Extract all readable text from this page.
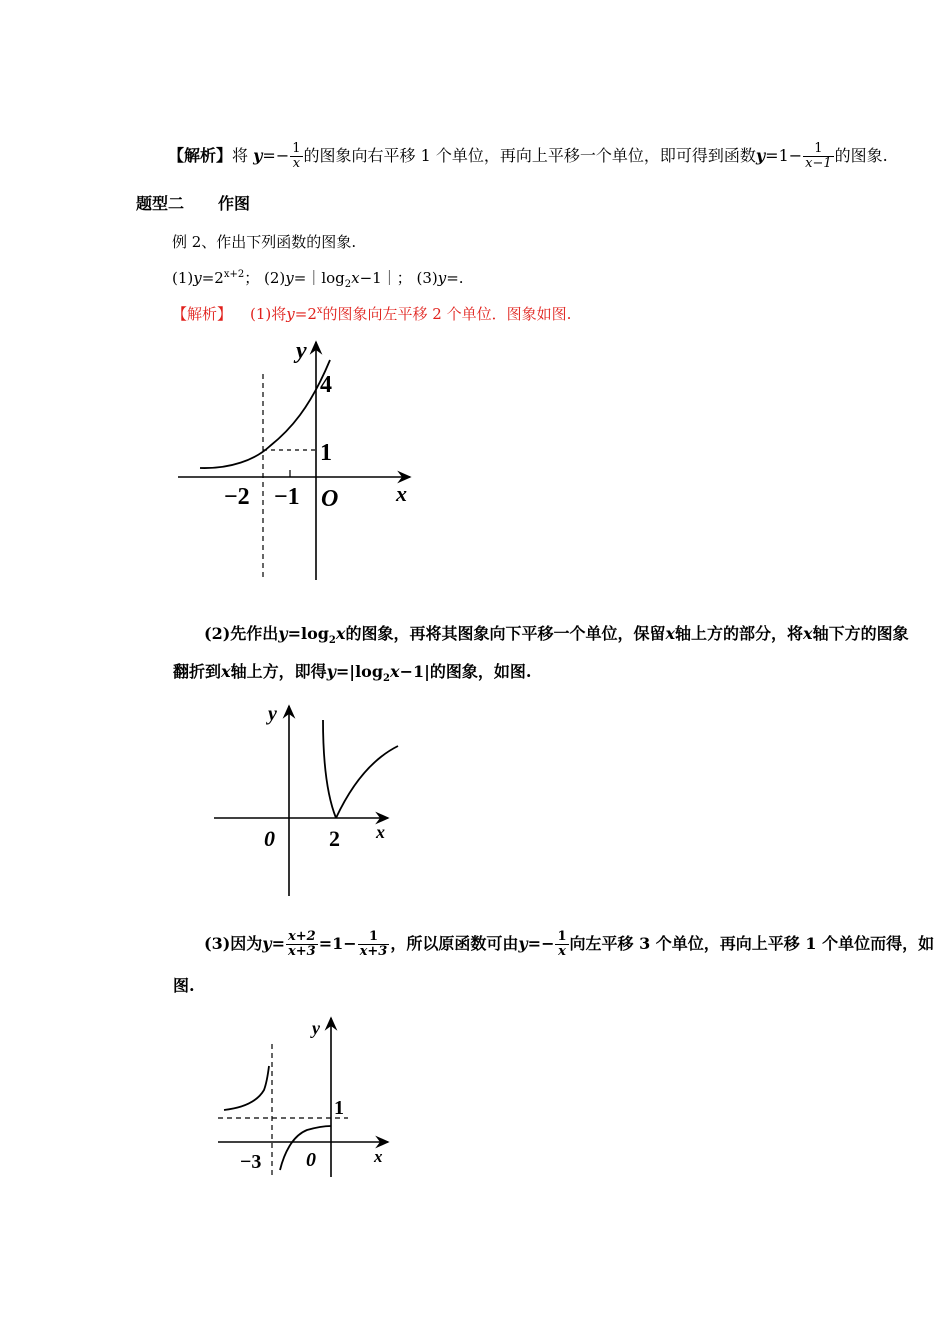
【解析】将 $y=- \frac{1}{x}$ 的图象向右平移 1 个单位，再向上平移一个单位，即可得到函数$y=1- \frac{1}{x-1}$ 的图象.
题型二 作图
例 2、作出下列函数的图象.
$(1)y=2^{x+2}$； $(2)y=|\log_2x-1|$； (3)y=.
【解析】 (1)将$y=2^x$的图象向左平移 2 个单位．图象如图.
y
4
1
−2 −1 O	x
(2)先作出$y=\log_2x$的图象，再将其图象向下平移一个单位，保留x轴上方的部分，将x轴下方的图象
翻折到x轴上方，即得$y=|\log_2x-1|$的图象，如图.
y
0 2 x
(3)因为$y= \frac{x+2}{x+3} =1- \frac{1}{x+3}$ ，所以原函数可由$y=- \frac{1}{x}$ 向左平移 3 个单位，再向上平移 1 个单位而得，如
图.
y
1
−3 0	x
